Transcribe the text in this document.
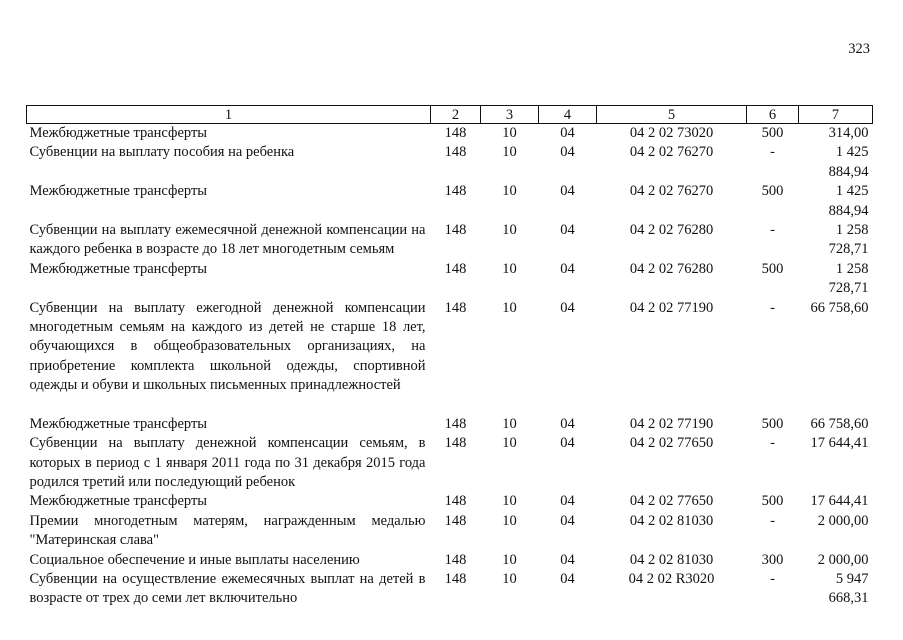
323
1	2	3	4	5	6	7
Межбюджетные трансферты	148	10	04	04 2 02 73020	500	314,00
Субвенции на выплату пособия на ребенка	148	10	04	04 2 02 76270	-	1 425 884,94
Межбюджетные трансферты	148	10	04	04 2 02 76270	500	1 425 884,94
Субвенции на выплату ежемесячной денежной компенсации на каждого ребенка в возрасте до 18 лет многодетным семьям	148	10	04	04 2 02 76280	-	1 258 728,71
Межбюджетные трансферты	148	10	04	04 2 02 76280	500	1 258 728,71
Субвенции на выплату ежегодной денежной компенсации многодетным семьям на каждого из детей не старше 18 лет, обучающихся в общеобразовательных организациях, на приобретение комплекта школьной одежды, спортивной одежды и обуви и школьных письменных принадлежностей	148	10	04	04 2 02 77190	-	66 758,60

Межбюджетные трансферты	148	10	04	04 2 02 77190	500	66 758,60
Субвенции на выплату денежной компенсации семьям, в которых в период с 1 января 2011 года по 31 декабря 2015 года родился третий или последующий ребенок	148	10	04	04 2 02 77650	-	17 644,41
Межбюджетные трансферты	148	10	04	04 2 02 77650	500	17 644,41
Премии многодетным матерям, награжденным медалью "Материнская слава"	148	10	04	04 2 02 81030	-	2 000,00
Социальное обеспечение и иные выплаты населению	148	10	04	04 2 02 81030	300	2 000,00
Субвенции на осуществление ежемесячных выплат на детей в возрасте от трех до семи лет включительно	148	10	04	04 2 02 R3020	-	5 947 668,31
